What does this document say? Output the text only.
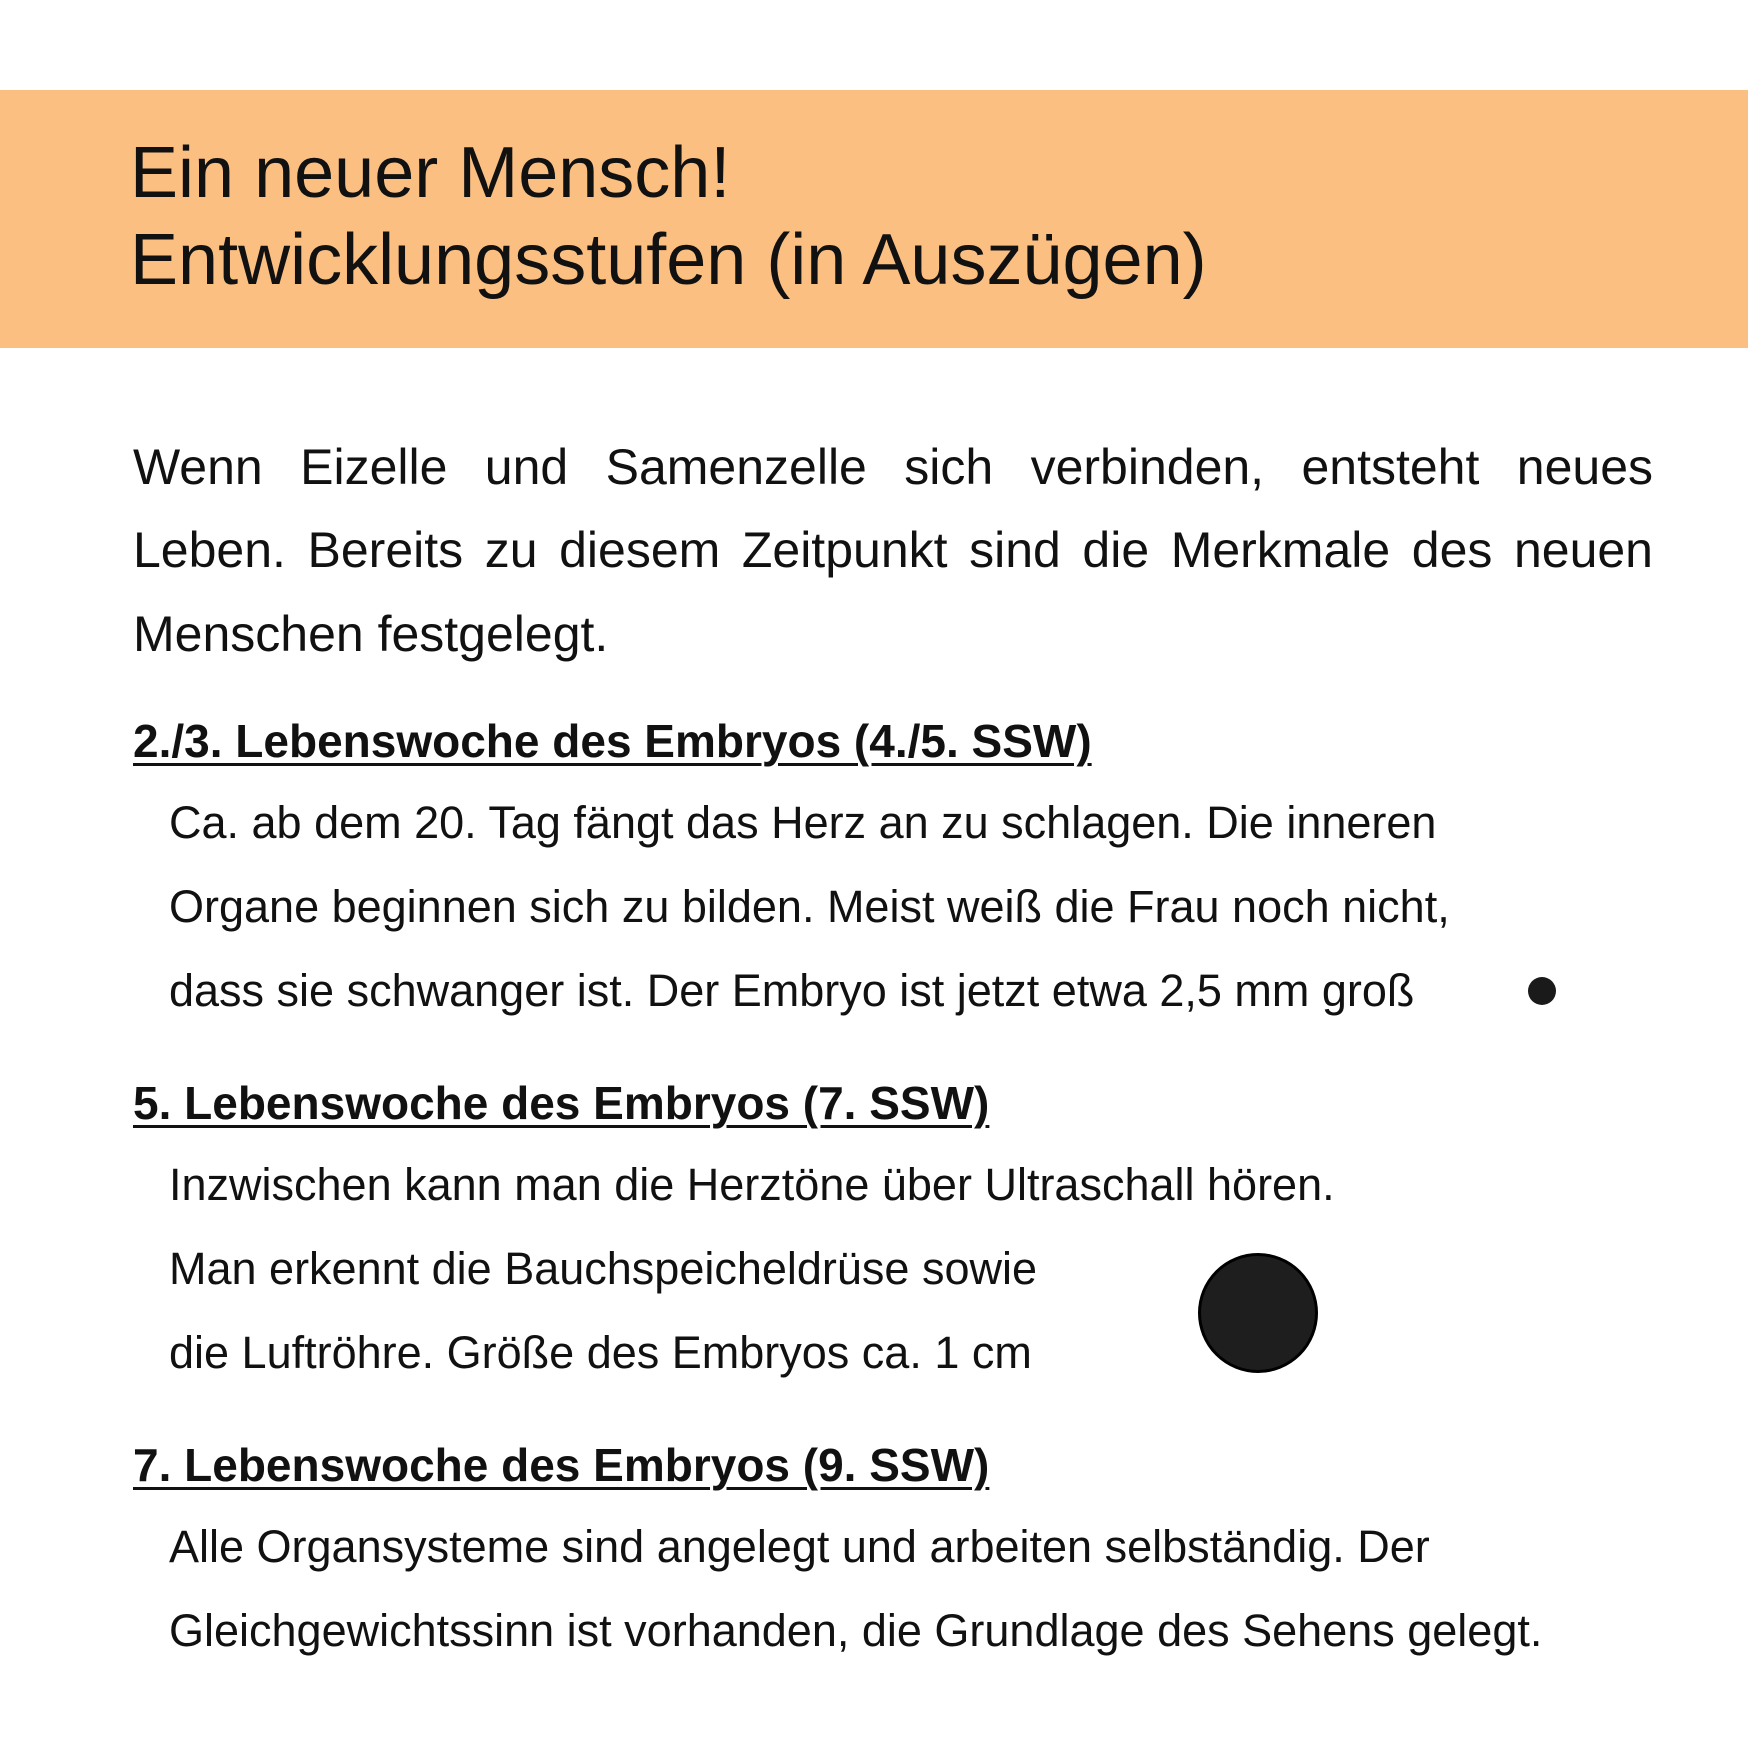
Ein neuer Mensch!
Entwicklungsstufen (in Auszügen)
Wenn Eizelle und Samenzelle sich verbinden, entsteht neues
Leben. Bereits zu diesem Zeitpunkt sind die Merkmale des neuen
Menschen festgelegt.
2./3. Lebenswoche des Embryos (4./5. SSW)
Ca. ab dem 20. Tag fängt das Herz an zu schlagen. Die inneren
Organe beginnen sich zu bilden. Meist weiß die Frau noch nicht,
dass sie schwanger ist. Der Embryo ist jetzt etwa 2,5 mm groß
5. Lebenswoche des Embryos (7. SSW)
Inzwischen kann man die Herztöne über Ultraschall hören.
Man erkennt die Bauchspeicheldrüse sowie
die Luftröhre. Größe des Embryos ca. 1 cm
7. Lebenswoche des Embryos (9. SSW)
Alle Organsysteme sind angelegt und arbeiten selbständig. Der
Gleichgewichtssinn ist vorhanden, die Grundlage des Sehens gelegt.
